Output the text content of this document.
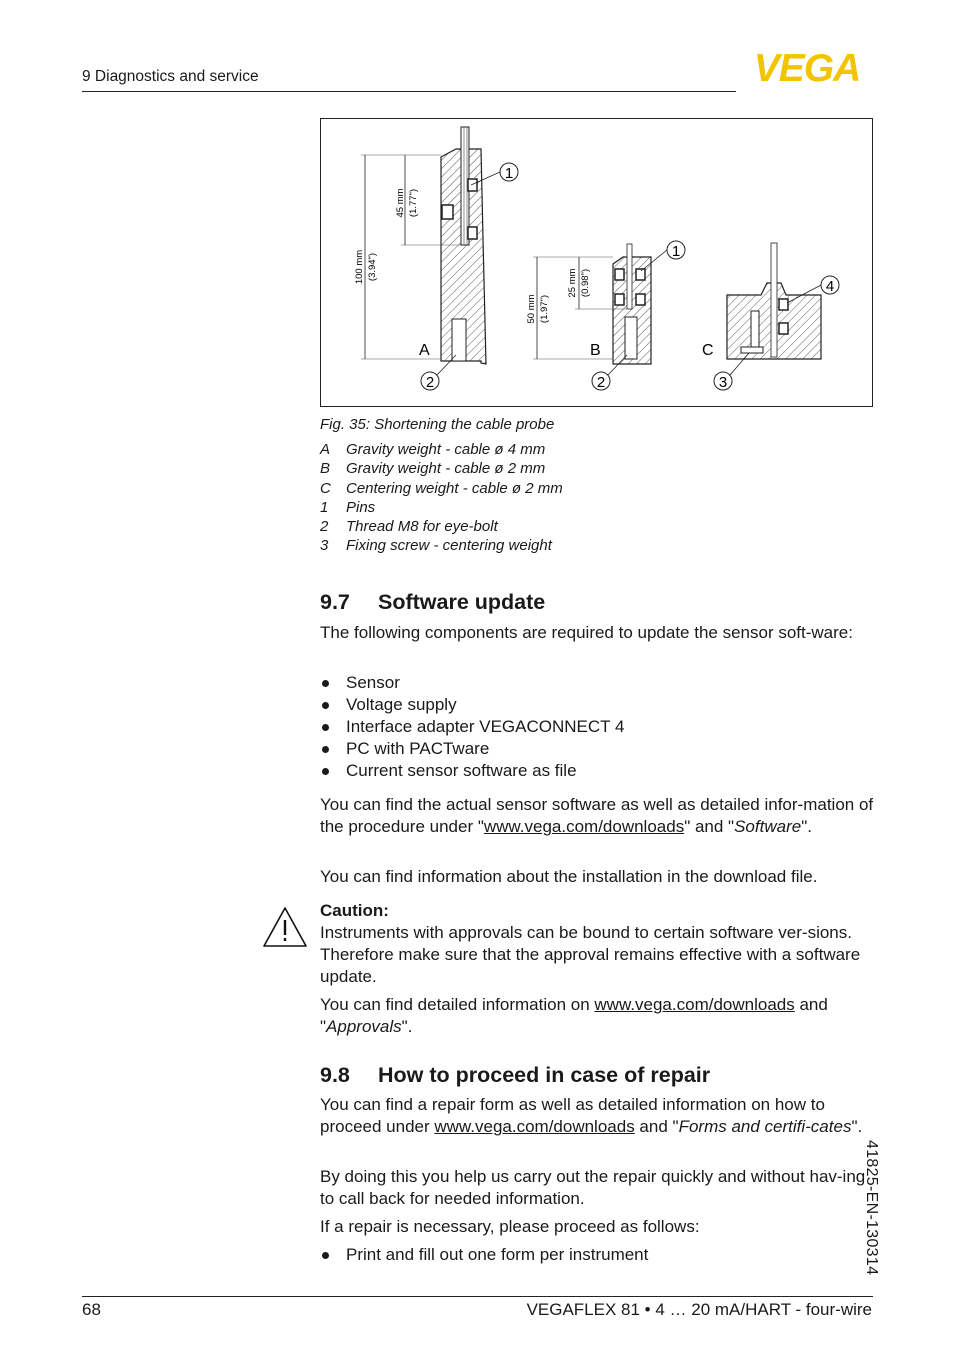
9 Diagnostics and service	VEGA
100 mm (3.94")
45 mm (1.77")
A
1
2
50 mm (1.97")
25 mm (0.98")
B
1
2
C
4
3
Fig. 35: Shortening the cable probe
A	Gravity weight - cable ø 4 mm
B	Gravity weight - cable ø 2 mm
C	Centering weight - cable ø 2 mm
1	Pins
2	Thread M8 for eye-bolt
3	Fixing screw - centering weight
9.7 Software update
The following components are required to update the sensor soft-ware:
Sensor
Voltage supply
Interface adapter VEGACONNECT 4
PC with PACTware
Current sensor software as file
You can find the actual sensor software as well as detailed infor-mation of the procedure under "www.vega.com/downloads" and "Software".
You can find information about the installation in the download file.

Caution:

Instruments with approvals can be bound to certain software ver-sions. Therefore make sure that the approval remains effective with a software update.

You can find detailed information on www.vega.com/downloads and "Approvals".
9.8 How to proceed in case of repair
You can find a repair form as well as detailed information on how to proceed under www.vega.com/downloads and "Forms and certifi-cates".
By doing this you help us carry out the repair quickly and without hav-ing to call back for needed information.
If a repair is necessary, please proceed as follows:
Print and fill out one form per instrument	41825-EN-130314
68	VEGAFLEX 81 • 4 … 20 mA/HART - four-wire
